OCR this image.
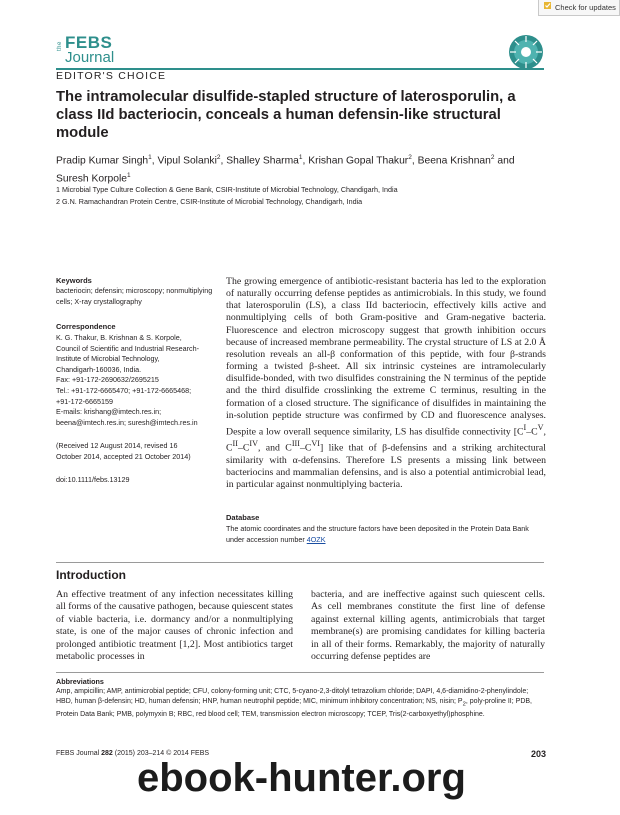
Check for updates
the FEBS
Journal
EDITOR'S CHOICE
The intramolecular disulfide-stapled structure of laterosporulin, a class IId bacteriocin, conceals a human defensin-like structural module
Pradip Kumar Singh$^1$, Vipul Solanki$^2$, Shalley Sharma$^1$, Krishan Gopal Thakur$^2$, Beena Krishnan$^2$ and Suresh Korpole$^1$
1 Microbial Type Culture Collection & Gene Bank, CSIR-Institute of Microbial Technology, Chandigarh, India
2 G.N. Ramachandran Protein Centre, CSIR-Institute of Microbial Technology, Chandigarh, India
Keywords
bacteriocin; defensin; microscopy; nonmultiplying cells; X-ray crystallography
Correspondence
K. G. Thakur, B. Krishnan & S. Korpole,
Council of Scientific and Industrial Research-Institute of Microbial Technology,
Chandigarh-160036, India.
Fax: +91-172-2690632/2695215
Tel.: +91-172-6665470; +91-172-6665468;
+91-172-6665159
E-mails: krishang@imtech.res.in;
beena@imtech.res.in; suresh@imtech.res.in
(Received 12 August 2014, revised 16
October 2014, accepted 21 October 2014)
doi:10.1111/febs.13129
The growing emergence of antibiotic-resistant bacteria has led to the exploration of naturally occurring defense peptides as antimicrobials. In this study, we found that laterosporulin (LS), a class IId bacteriocin, effectively kills active and nonmultiplying cells of both Gram-positive and Gram-negative bacteria. Fluorescence and electron microscopy suggest that growth inhibition occurs because of increased membrane permeability. The crystal structure of LS at 2.0 Å resolution reveals an all-β conformation of this peptide, with four β-strands forming a twisted β-sheet. All six intrinsic cysteines are intramolecularly disulfide-bonded, with two disulfides constraining the N terminus of the peptide and the third disulfide crosslinking the extreme C terminus, resulting in the formation of a closed structure. The significance of disulfides in maintaining the in-solution peptide structure was confirmed by CD and fluorescence analyses. Despite a low overall sequence similarity, LS has disulfide connectivity [$C^I-C^V$, $C^{II}-C^{IV}$, and $C^{III}-C^{VI}$] like that of β-defensins and a striking architectural similarity with α-defensins. Therefore LS presents a missing link between bacteriocins and mammalian defensins, and is also a potential antimicrobial lead, in particular against nonmultiplying bacteria.
Database
The atomic coordinates and the structure factors have been deposited in the Protein Data Bank under accession number 4OZK
Introduction
An effective treatment of any infection necessitates killing all forms of the causative pathogen, because quiescent states of viable bacteria, i.e. dormancy and/or a nonmultiplying state, is one of the major causes of chronic infection and prolonged antibiotic treatment [1,2]. Most antibiotics target metabolic processes in
bacteria, and are ineffective against such quiescent cells. As cell membranes constitute the first line of defense against external killing agents, antimicrobials that target membrane(s) are promising candidates for killing bacteria in all of their forms. Remarkably, the majority of naturally occurring defense peptides are
Abbreviations
Amp, ampicillin; AMP, antimicrobial peptide; CFU, colony-forming unit; CTC, 5-cyano-2,3-ditolyl tetrazolium chloride; DAPI, 4,6-diamidino-2-phenylindole; HBD, human β-defensin; HD, human defensin; HNP, human neutrophil peptide; MIC, minimum inhibitory concentration; NS, nisin; $P_2$, poly-proline II; PDB, Protein Data Bank; PMB, polymyxin B; RBC, red blood cell; TEM, transmission electron microscopy; TCEP, Tris(2-carboxyethyl)phosphine.
FEBS Journal 282 (2015) 203–214 © 2014 FEBS	203
ebook-hunter.org
